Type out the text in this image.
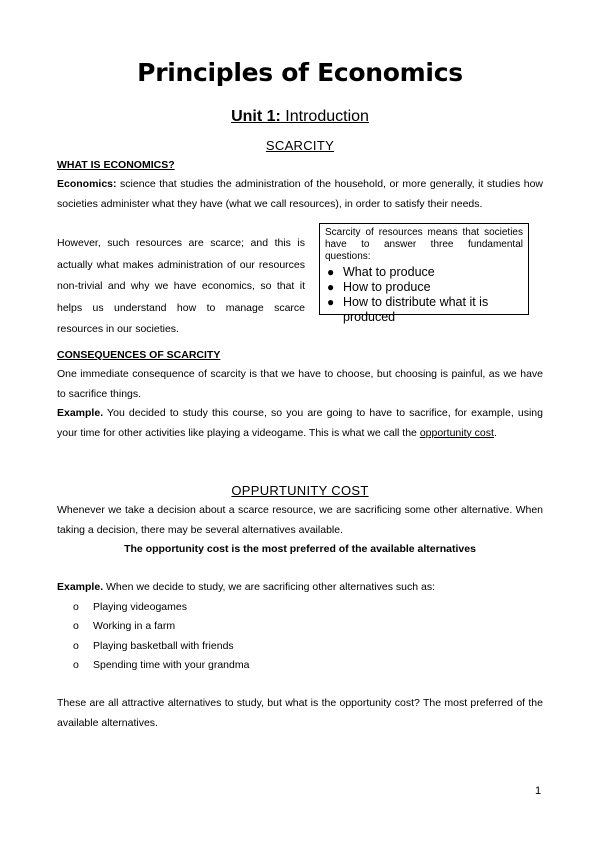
Principles of Economics
Unit 1: Introduction
SCARCITY
WHAT IS ECONOMICS?

Economics: science that studies the administration of the household, or more generally, it studies how societies administer what they have (what we call resources), in order to satisfy their needs.

However, such resources are scarce; and this is actually what makes administration of our resources non-trivial and why we have economics, so that it helps us understand how to manage scarce resources in our societies.

Scarcity of resources means that societies have to answer three fundamental questions:

● What to produce
● How to produce
● How to distribute what it is produced
CONSEQUENCES OF SCARCITY

One immediate consequence of scarcity is that we have to choose, but choosing is painful, as we have to sacrifice things.

Example. You decided to study this course, so you are going to have to sacrifice, for example, using your time for other activities like playing a videogame. This is what we call the opportunity cost.

OPPURTUNITY COST

Whenever we take a decision about a scarce resource, we are sacrificing some other alternative. When taking a decision, there may be several alternatives available.

The opportunity cost is the most preferred of the available alternatives

Example. When we decide to study, we are sacrificing other alternatives such as:

o Playing videogames
o Working in a farm
o Playing basketball with friends
o Spending time with your grandma

These are all attractive alternatives to study, but what is the opportunity cost? The most preferred of the available alternatives.

1
